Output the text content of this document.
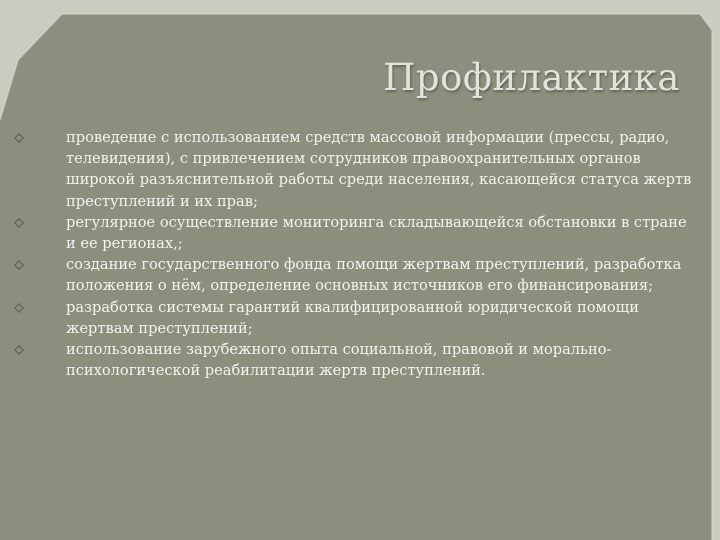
Профилактика
проведение с использованием средств массовой информации (прессы, радио, телевидения), с привлечением сотрудников правоохранительных органов широкой разъяснительной работы среди населения, касающейся статуса жертв преступлений и их прав;
регулярное осуществление мониторинга складывающейся обстановки в стране и ее регионах,;
создание государственного фонда помощи жертвам преступлений, разработка положения о нём, определение основных источников его финансирования;
разработка системы гарантий квалифицированной юридической помощи жертвам преступлений;
использование зарубежного опыта социальной, правовой и морально-психологической реабилитации жертв преступлений.
